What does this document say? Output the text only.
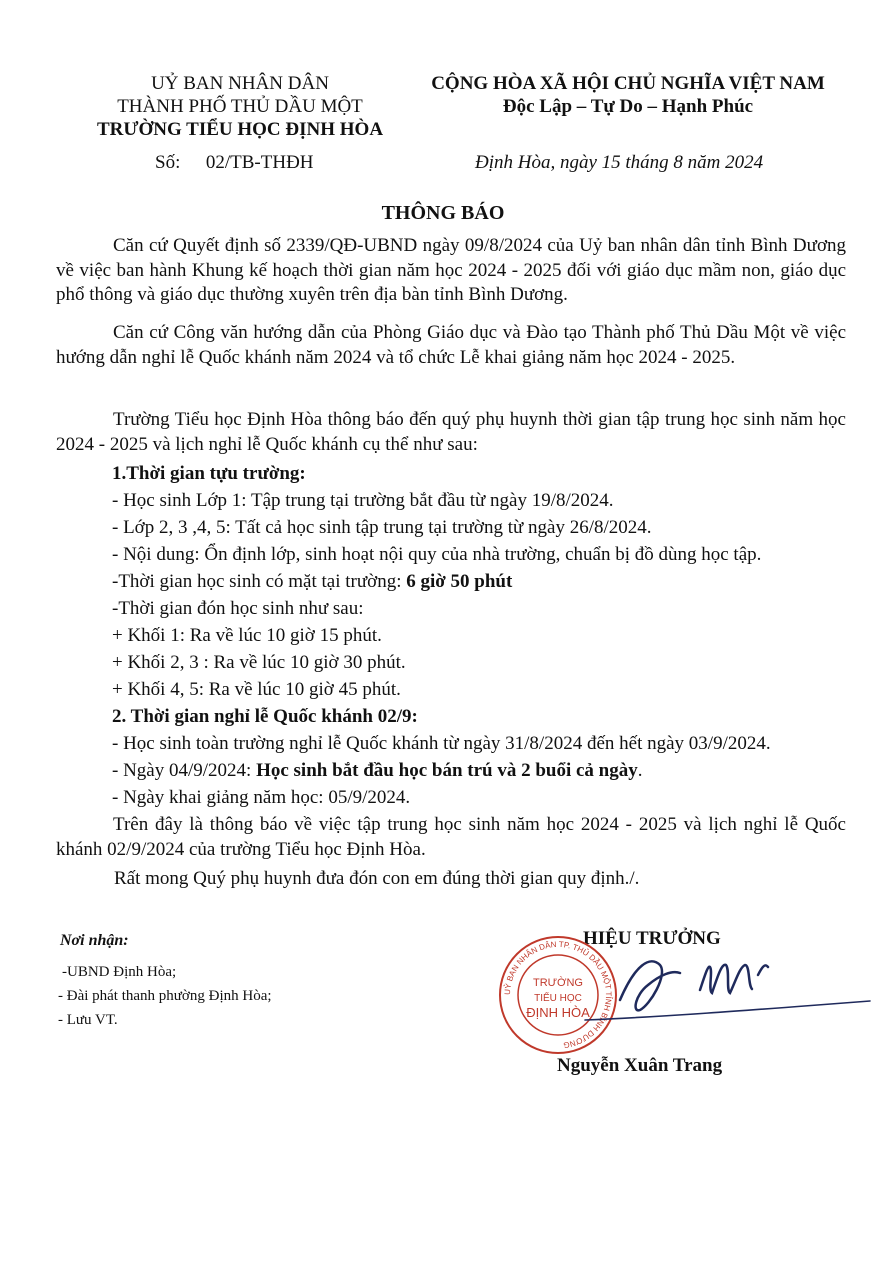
UỶ BAN NHÂN DÂN
THÀNH PHỐ THỦ DẦU MỘT
TRƯỜNG TIỂU HỌC ĐỊNH HÒA
Số: 02/TB-THĐH
CỘNG HÒA XÃ HỘI CHỦ NGHĨA VIỆT NAM
Độc Lập – Tự Do – Hạnh Phúc
Định Hòa, ngày 15 tháng 8 năm 2024
THÔNG BÁO
Căn cứ Quyết định số 2339/QĐ-UBND ngày 09/8/2024 của Uỷ ban nhân dân tỉnh Bình Dương về việc ban hành Khung kế hoạch thời gian năm học 2024 - 2025 đối với giáo dục mầm non, giáo dục phổ thông và giáo dục thường xuyên trên địa bàn tỉnh Bình Dương.
Căn cứ Công văn hướng dẫn của Phòng Giáo dục và Đào tạo Thành phố Thủ Dầu Một về việc hướng dẫn nghỉ lễ Quốc khánh năm 2024 và tổ chức Lễ khai giảng năm học 2024 - 2025.
Trường Tiểu học Định Hòa thông báo đến quý phụ huynh thời gian tập trung học sinh năm học 2024 - 2025 và lịch nghỉ lễ Quốc khánh cụ thể như sau:
1.Thời gian tựu trường:
- Học sinh Lớp 1: Tập trung tại trường bắt đầu từ ngày 19/8/2024.
- Lớp 2, 3 ,4, 5: Tất cả học sinh tập trung tại trường từ ngày 26/8/2024.
- Nội dung: Ổn định lớp, sinh hoạt nội quy của nhà trường, chuẩn bị đồ dùng học tập.
-Thời gian học sinh có mặt tại trường: 6 giờ 50 phút
-Thời gian đón học sinh như sau:
+ Khối 1: Ra về lúc 10 giờ 15 phút.
+ Khối 2, 3 : Ra về lúc 10 giờ 30 phút.
+ Khối 4, 5: Ra về lúc 10 giờ 45 phút.
2. Thời gian nghỉ lễ Quốc khánh 02/9:
- Học sinh toàn trường nghỉ lễ Quốc khánh từ ngày 31/8/2024 đến hết ngày 03/9/2024.
- Ngày 04/9/2024: Học sinh bắt đầu học bán trú và 2 buổi cả ngày.
- Ngày khai giảng năm học: 05/9/2024.
Trên đây là thông báo về việc tập trung học sinh năm học 2024 - 2025 và lịch nghỉ lễ Quốc khánh 02/9/2024 của trường Tiểu học Định Hòa.
Rất mong Quý phụ huynh đưa đón con em đúng thời gian quy định./.
Nơi nhận:
-UBND Định Hòa;
- Đài phát thanh phường Định Hòa;
- Lưu VT.
HIỆU TRƯỞNG
UỶ BAN NHÂN DÂN TP. THỦ DẦU MỘT TỈNH BÌNH DƯƠNG
TRƯỜNG
TIỂU HỌC
ĐỊNH HÒA
Nguyễn Xuân Trang
